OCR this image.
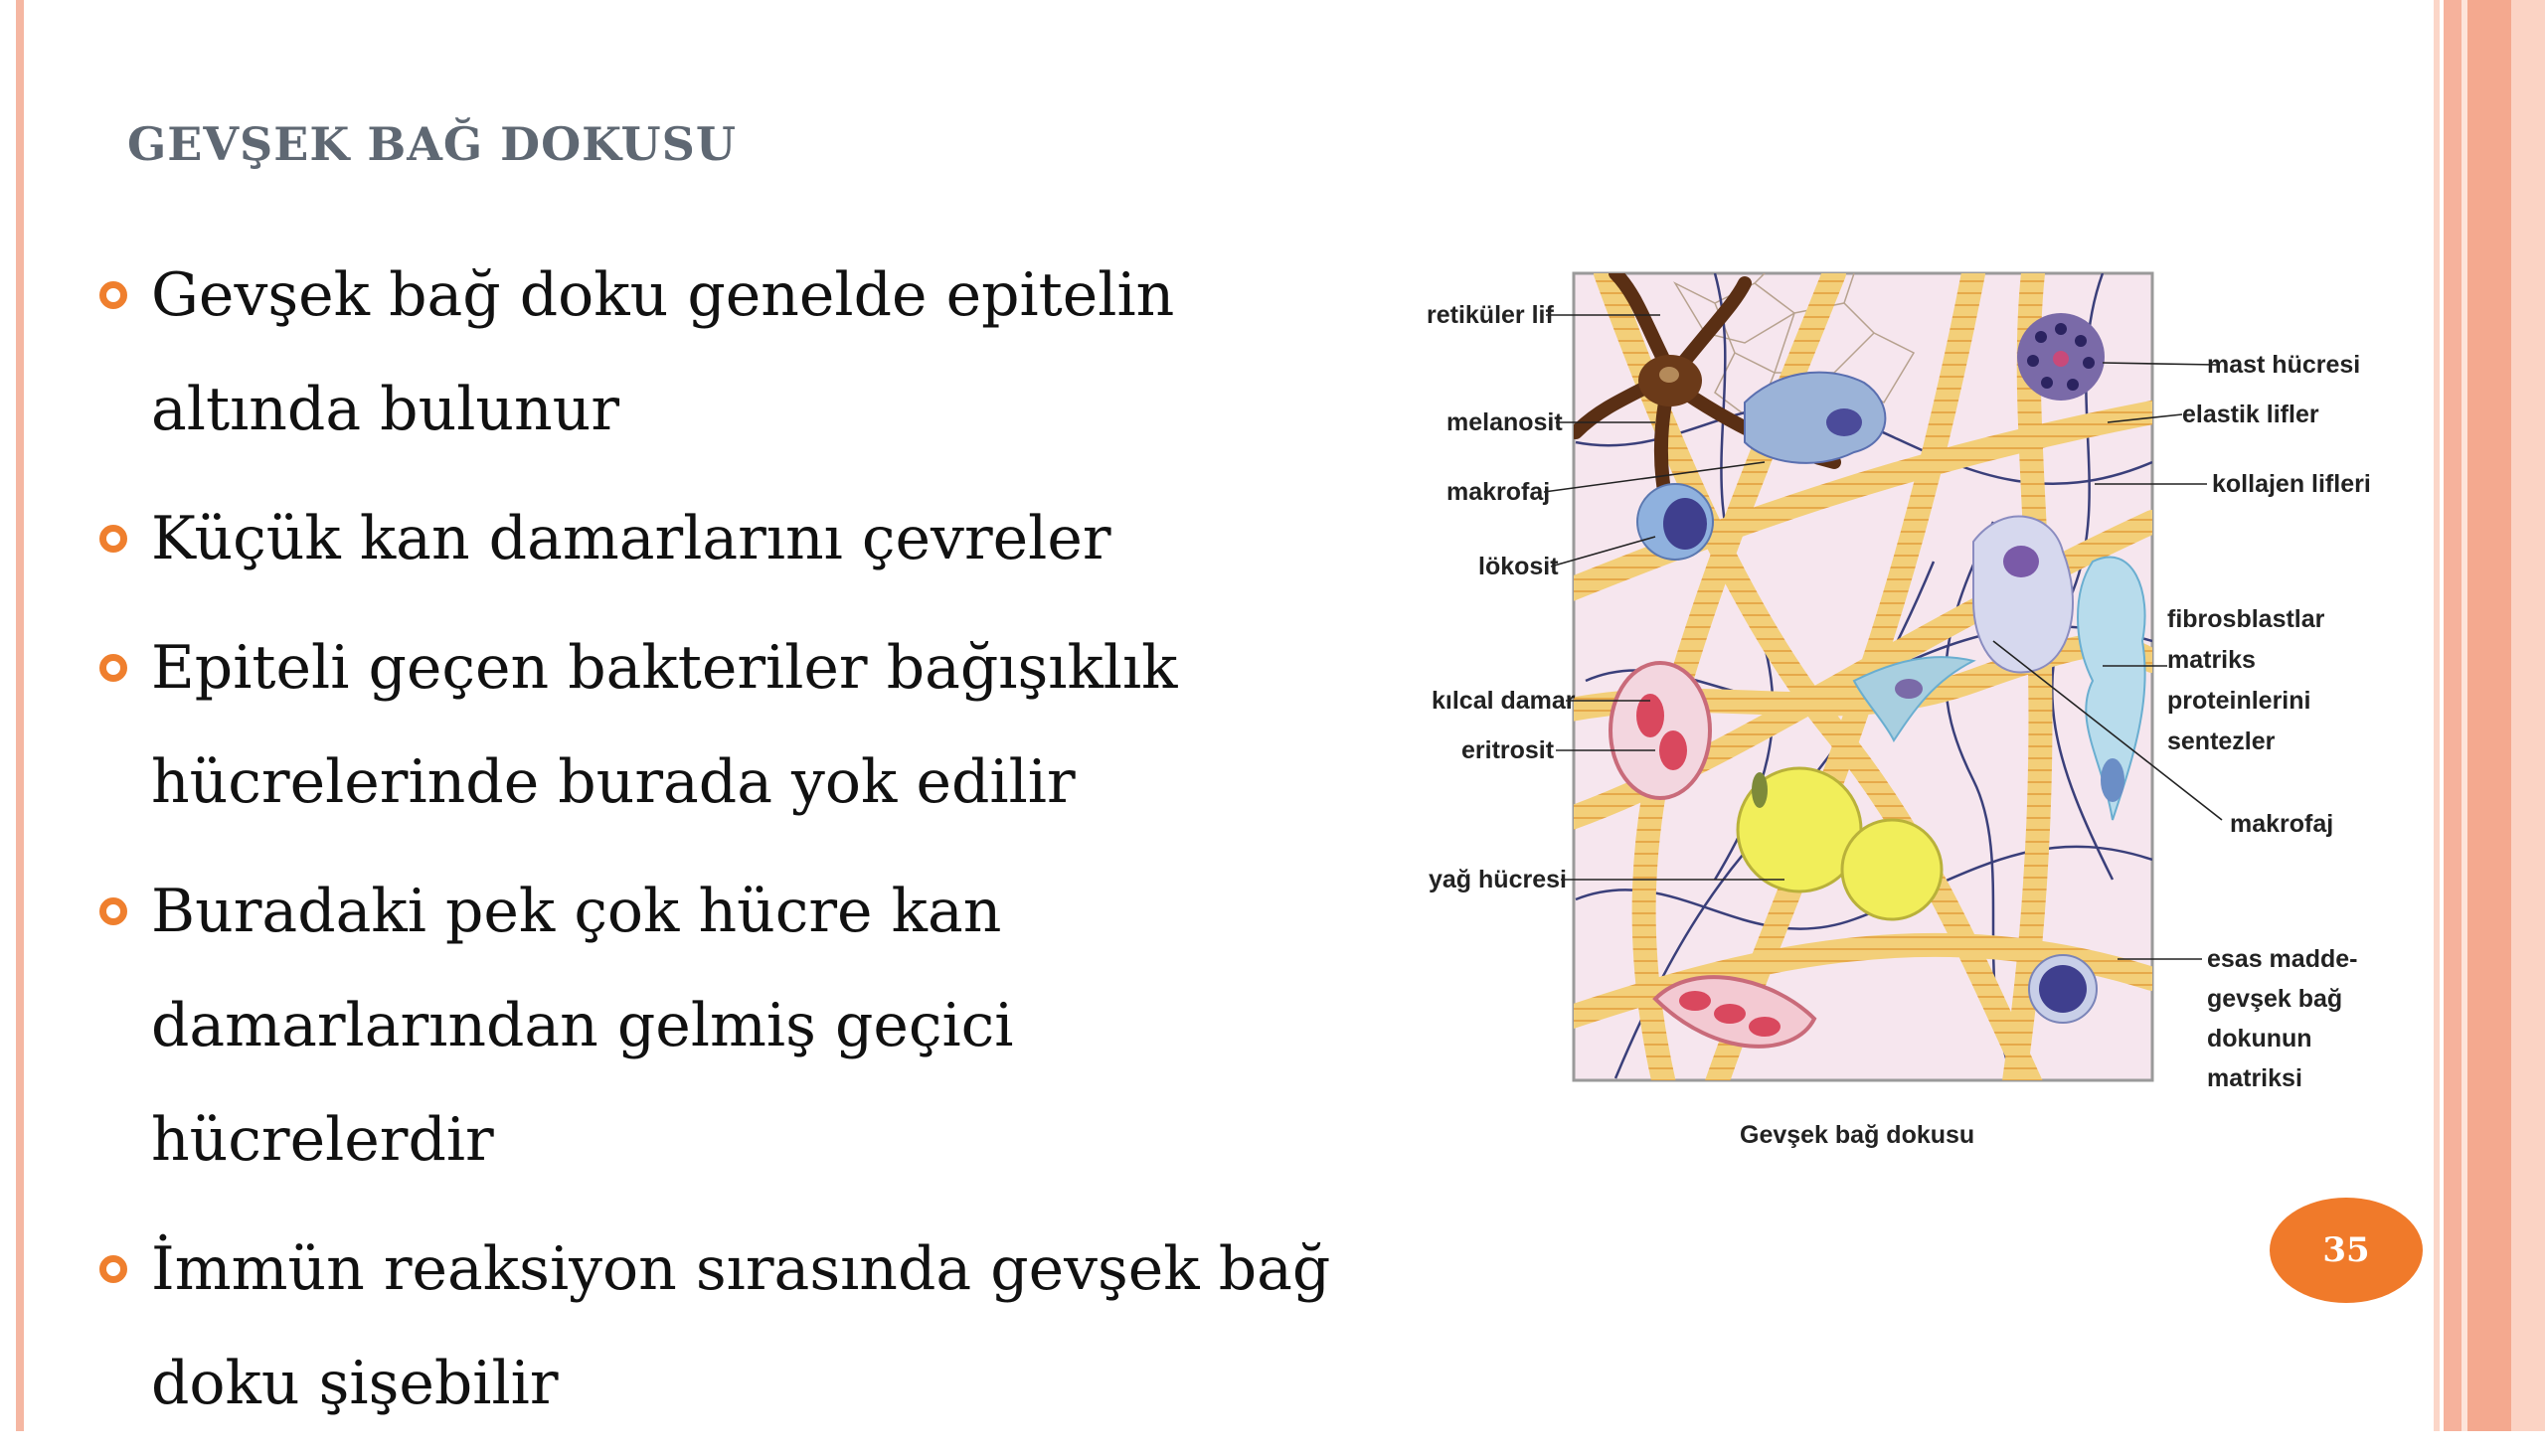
GEVŞEK BAĞ DOKUSU
Gevşek bağ doku genelde epitelin altında bulunur
Küçük kan damarlarını çevreler
Epiteli geçen bakteriler bağışıklık hücrelerinde burada yok edilir
Buradaki pek çok hücre kan damarlarından gelmiş geçici hücrelerdir
İmmün reaksiyon sırasında gevşek bağ doku şişebilir
retiküler lif
melanosit
makrofaj
lökosit
kılcal damar
eritrosit
yağ hücresi
mast hücresi
elastik lifler
kollajen lifleri
fibrosblastlar
matriks
proteinlerini
sentezler
makrofaj
esas madde-
gevşek bağ
dokunun
matriksi
Gevşek bağ dokusu
35
